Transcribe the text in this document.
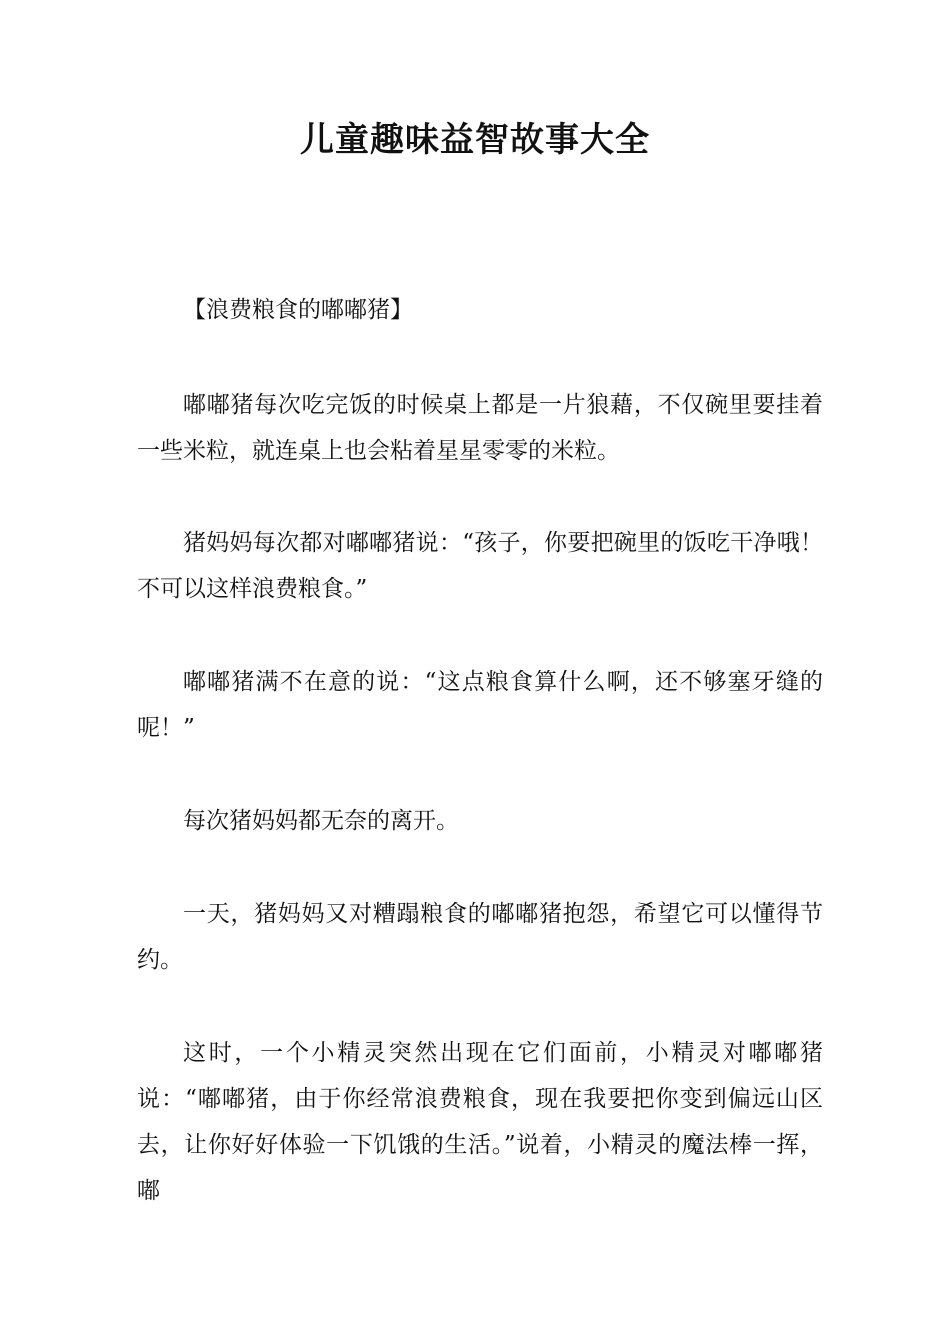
儿童趣味益智故事大全

【浪费粮食的嘟嘟猪】

嘟嘟猪每次吃完饭的时候桌上都是一片狼藉，不仅碗里要挂着一些米粒，就连桌上也会粘着星星零零的米粒。

猪妈妈每次都对嘟嘟猪说：“孩子，你要把碗里的饭吃干净哦！不可以这样浪费粮食。”

嘟嘟猪满不在意的说：“这点粮食算什么啊，还不够塞牙缝的呢！”

每次猪妈妈都无奈的离开。

一天，猪妈妈又对糟蹋粮食的嘟嘟猪抱怨，希望它可以懂得节约。

这时，一个小精灵突然出现在它们面前，小精灵对嘟嘟猪说：“嘟嘟猪，由于你经常浪费粮食，现在我要把你变到偏远山区去，让你好好体验一下饥饿的生活。”说着，小精灵的魔法棒一挥，嘟
